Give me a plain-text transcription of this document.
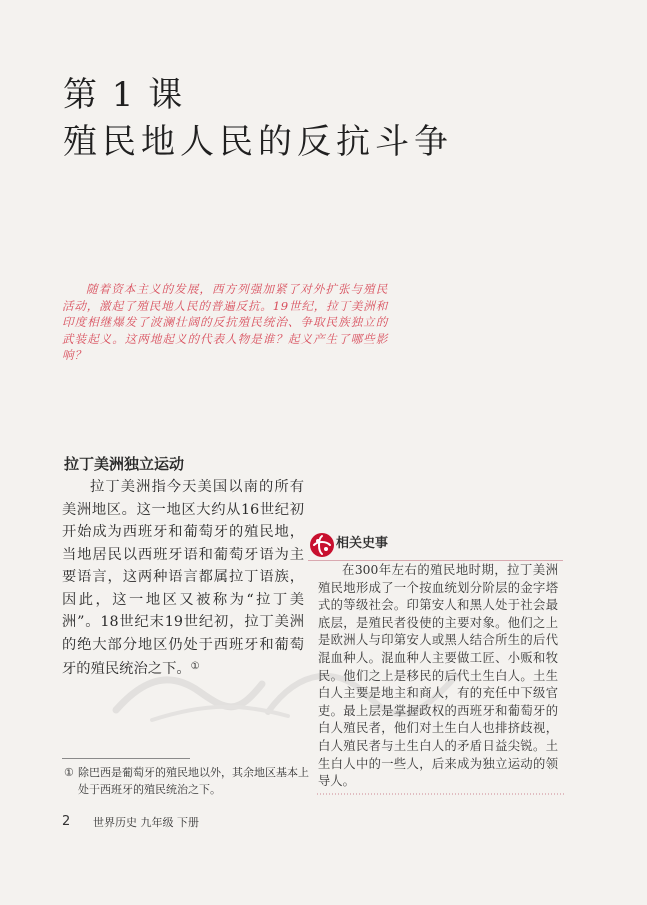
第 1 课
殖民地人民的反抗斗争
随着资本主义的发展，西方列强加紧了对外扩张与殖民活动，激起了殖民地人民的普遍反抗。19世纪，拉丁美洲和印度相继爆发了波澜壮阔的反抗殖民统治、争取民族独立的武装起义。这两地起义的代表人物是谁？起义产生了哪些影响？
拉丁美洲独立运动
拉丁美洲指今天美国以南的所有美洲地区。这一地区大约从16世纪初开始成为西班牙和葡萄牙的殖民地，当地居民以西班牙语和葡萄牙语为主要语言，这两种语言都属拉丁语族，因此，这一地区又被称为“拉丁美洲”。18世纪末19世纪初，拉丁美洲的绝大部分地区仍处于西班牙和葡萄牙的殖民统治之下。①
相关史事
在300年左右的殖民地时期，拉丁美洲殖民地形成了一个按血统划分阶层的金字塔式的等级社会。印第安人和黑人处于社会最底层，是殖民者役使的主要对象。他们之上是欧洲人与印第安人或黑人结合所生的后代混血种人。混血种人主要做工匠、小贩和牧民。他们之上是移民的后代土生白人。土生白人主要是地主和商人，有的充任中下级官吏。最上层是掌握政权的西班牙和葡萄牙的白人殖民者，他们对土生白人也排挤歧视，白人殖民者与土生白人的矛盾日益尖锐。土生白人中的一些人，后来成为独立运动的领导人。
① 除巴西是葡萄牙的殖民地以外，其余地区基本上处于西班牙的殖民统治之下。
2 世界历史 九年级 下册
